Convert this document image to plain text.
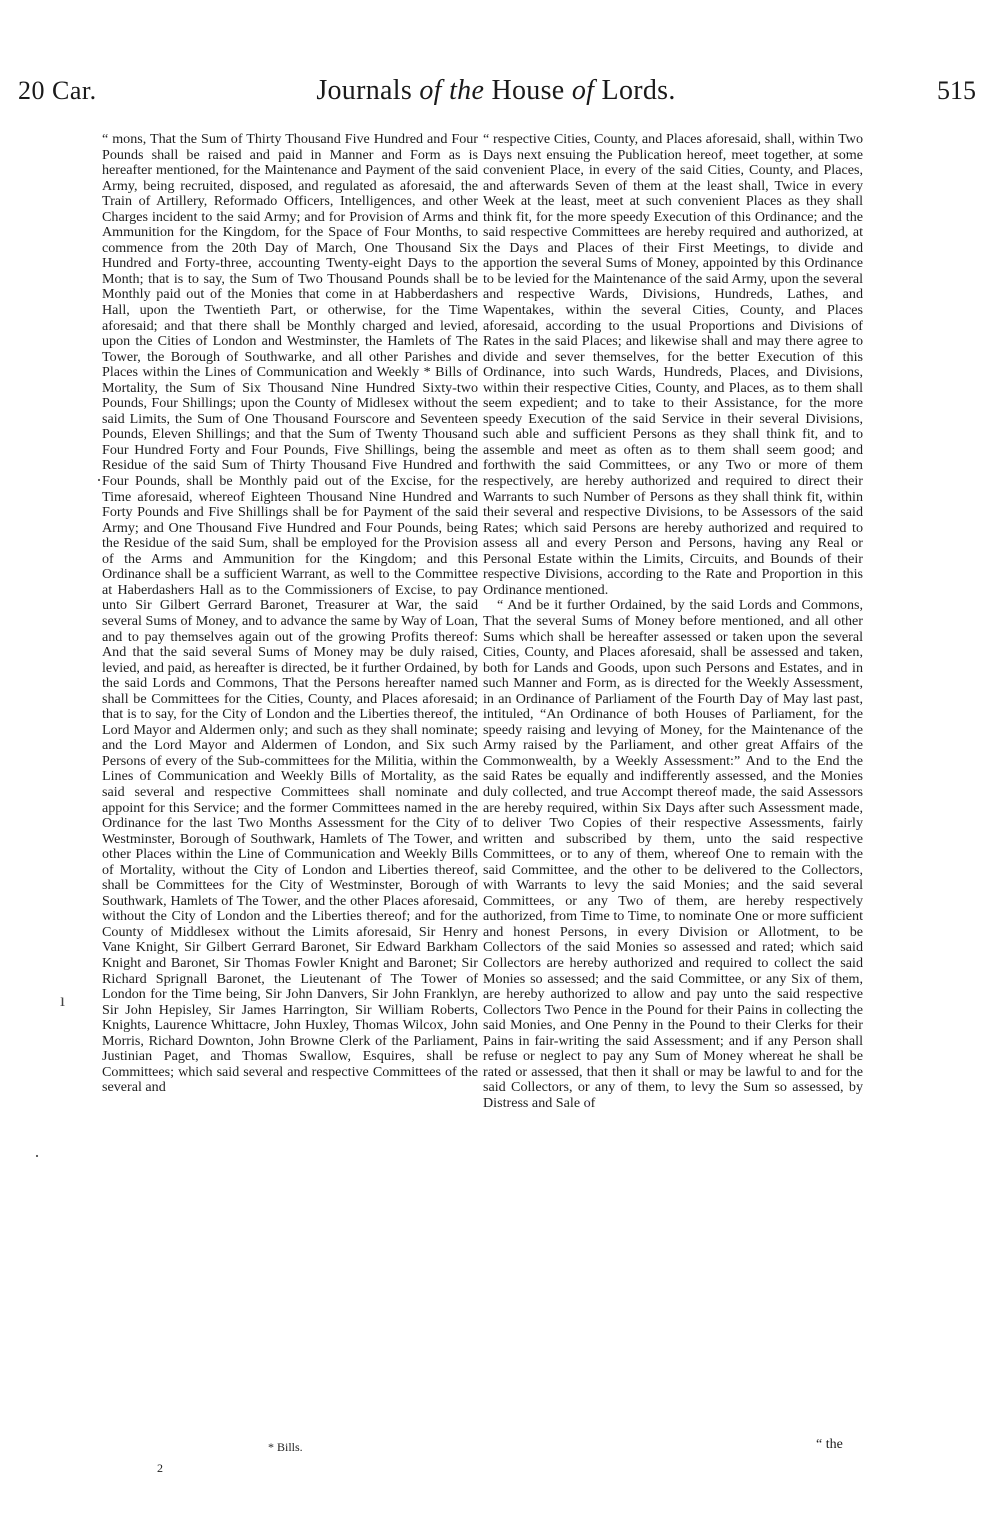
20 Car.	Journals of the House of Lords.	515

“ mons, That the Sum of Thirty Thousand Five Hundred and Four Pounds shall be raised and paid in Manner and Form as is hereafter mentioned, for the Maintenance and Payment of the said Army, being recruited, disposed, and regulated as aforesaid, the Train of Artillery, Reformado Officers, Intelligences, and other Charges incident to the said Army; and for Provision of Arms and Ammunition for the Kingdom, for the Space of Four Months, to commence from the 20th Day of March, One Thousand Six Hundred and Forty-three, accounting Twenty-eight Days to the Month; that is to say, the Sum of Two Thousand Pounds shall be Monthly paid out of the Monies that come in at Habberdashers Hall, upon the Twentieth Part, or otherwise, for the Time aforesaid; and that there shall be Monthly charged and levied, upon the Cities of London and Westminster, the Hamlets of The Tower, the Borough of Southwarke, and all other Parishes and Places within the Lines of Communication and Weekly * Bills of Mortality, the Sum of Six Thousand Nine Hundred Sixty-two Pounds, Four Shillings; upon the County of Midlesex without the said Limits, the Sum of One Thousand Fourscore and Seventeen Pounds, Eleven Shillings; and that the Sum of Twenty Thousand Four Hundred Forty and Four Pounds, Five Shillings, being the Residue of the said Sum of Thirty Thousand Five Hundred and Four Pounds, shall be Monthly paid out of the Excise, for the Time aforesaid, whereof Eighteen Thousand Nine Hundred and Forty Pounds and Five Shillings shall be for Payment of the said Army; and One Thousand Five Hundred and Four Pounds, being the Residue of the said Sum, shall be employed for the Provision of the Arms and Ammunition for the Kingdom; and this Ordinance shall be a sufficient Warrant, as well to the Committee at Haberdashers Hall as to the Commissioners of Excise, to pay unto Sir Gilbert Gerrard Baronet, Treasurer at War, the said several Sums of Money, and to advance the same by Way of Loan, and to pay themselves again out of the growing Profits thereof: And that the said several Sums of Money may be duly raised, levied, and paid, as hereafter is directed, be it further Ordained, by the said Lords and Commons, That the Persons hereafter named shall be Committees for the Cities, County, and Places aforesaid; that is to say, for the City of London and the Liberties thereof, the Lord Mayor and Aldermen only; and such as they shall nominate; and the Lord Mayor and Aldermen of London, and Six such Persons of every of the Sub-committees for the Militia, within the Lines of Communication and Weekly Bills of Mortality, as the said several and respective Committees shall nominate and appoint for this Service; and the former Committees named in the Ordinance for the last Two Months Assessment for the City of Westminster, Borough of Southwark, Hamlets of The Tower, and other Places within the Line of Communication and Weekly Bills of Mortality, without the City of London and Liberties thereof, shall be Committees for the City of Westminster, Borough of Southwark, Hamlets of The Tower, and the other Places aforesaid, without the City of London and the Liberties thereof; and for the County of Middlesex without the Limits aforesaid, Sir Henry Vane Knight, Sir Gilbert Gerrard Baronet, Sir Edward Barkham Knight and Baronet, Sir Thomas Fowler Knight and Baronet; Sir Richard Sprignall Baronet, the Lieutenant of The Tower of London for the Time being, Sir John Danvers, Sir John Franklyn, Sir John Hepisley, Sir James Harrington, Sir William Roberts, Knights, Laurence Whittacre, John Huxley, Thomas Wilcox, John Morris, Richard Downton, John Browne Clerk of the Parliament, Justinian Paget, and Thomas Swallow, Esquires, shall be Committees; which said several and respective Committees of the several and

“ respective Cities, County, and Places aforesaid, shall, within Two Days next ensuing the Publication hereof, meet together, at some convenient Place, in every of the said Cities, County, and Places, and afterwards Seven of them at the least shall, Twice in every Week at the least, meet at such convenient Places as they shall think fit, for the more speedy Execution of this Ordinance; and the said respective Committees are hereby required and authorized, at the Days and Places of their First Meetings, to divide and apportion the several Sums of Money, appointed by this Ordinance to be levied for the Maintenance of the said Army, upon the several and respective Wards, Divisions, Hundreds, Lathes, and Wapentakes, within the several Cities, County, and Places aforesaid, according to the usual Proportions and Divisions of Rates in the said Places; and likewise shall and may there agree to divide and sever themselves, for the better Execution of this Ordinance, into such Wards, Hundreds, Places, and Divisions, within their respective Cities, County, and Places, as to them shall seem expedient; and to take to their Assistance, for the more speedy Execution of the said Service in their several Divisions, such able and sufficient Persons as they shall think fit, and to assemble and meet as often as to them shall seem good; and forthwith the said Committees, or any Two or more of them respectively, are hereby authorized and required to direct their Warrants to such Number of Persons as they shall think fit, within their several and respective Divisions, to be Assessors of the said Rates; which said Persons are hereby authorized and required to assess all and every Person and Persons, having any Real or Personal Estate within the Limits, Circuits, and Bounds of their respective Divisions, according to the Rate and Proportion in this Ordinance mentioned.

“ And be it further Ordained, by the said Lords and Commons, That the several Sums of Money before mentioned, and all other Sums which shall be hereafter assessed or taken upon the several Cities, County, and Places aforesaid, shall be assessed and taken, both for Lands and Goods, upon such Persons and Estates, and in such Manner and Form, as is directed for the Weekly Assessment, in an Ordinance of Parliament of the Fourth Day of May last past, intituled, “An Ordinance of both Houses of Parliament, for the speedy raising and levying of Money, for the Maintenance of the Army raised by the Parliament, and other great Affairs of the Commonwealth, by a Weekly Assessment:” And to the End the said Rates be equally and indifferently assessed, and the Monies duly collected, and true Accompt thereof made, the said Assessors are hereby required, within Six Days after such Assessment made, to deliver Two Copies of their respective Assessments, fairly written and subscribed by them, unto the said respective Committees, or to any of them, whereof One to remain with the said Committee, and the other to be delivered to the Collectors, with Warrants to levy the said Monies; and the said several Committees, or any Two of them, are hereby respectively authorized, from Time to Time, to nominate One or more sufficient and honest Persons, in every Division or Allotment, to be Collectors of the said Monies so assessed and rated; which said Collectors are hereby authorized and required to collect the said Monies so assessed; and the said Committee, or any Six of them, are hereby authorized to allow and pay unto the said respective Collectors Two Pence in the Pound for their Pains in collecting the said Monies, and One Penny in the Pound to their Clerks for their Pains in fair-writing the said Assessment; and if any Person shall refuse or neglect to pay any Sum of Money whereat he shall be rated or assessed, that then it shall or may be lawful to and for the said Collectors, or any of them, to levy the Sum so assessed, by Distress and Sale of

* Bills.
2
“ the
·
ı
·
